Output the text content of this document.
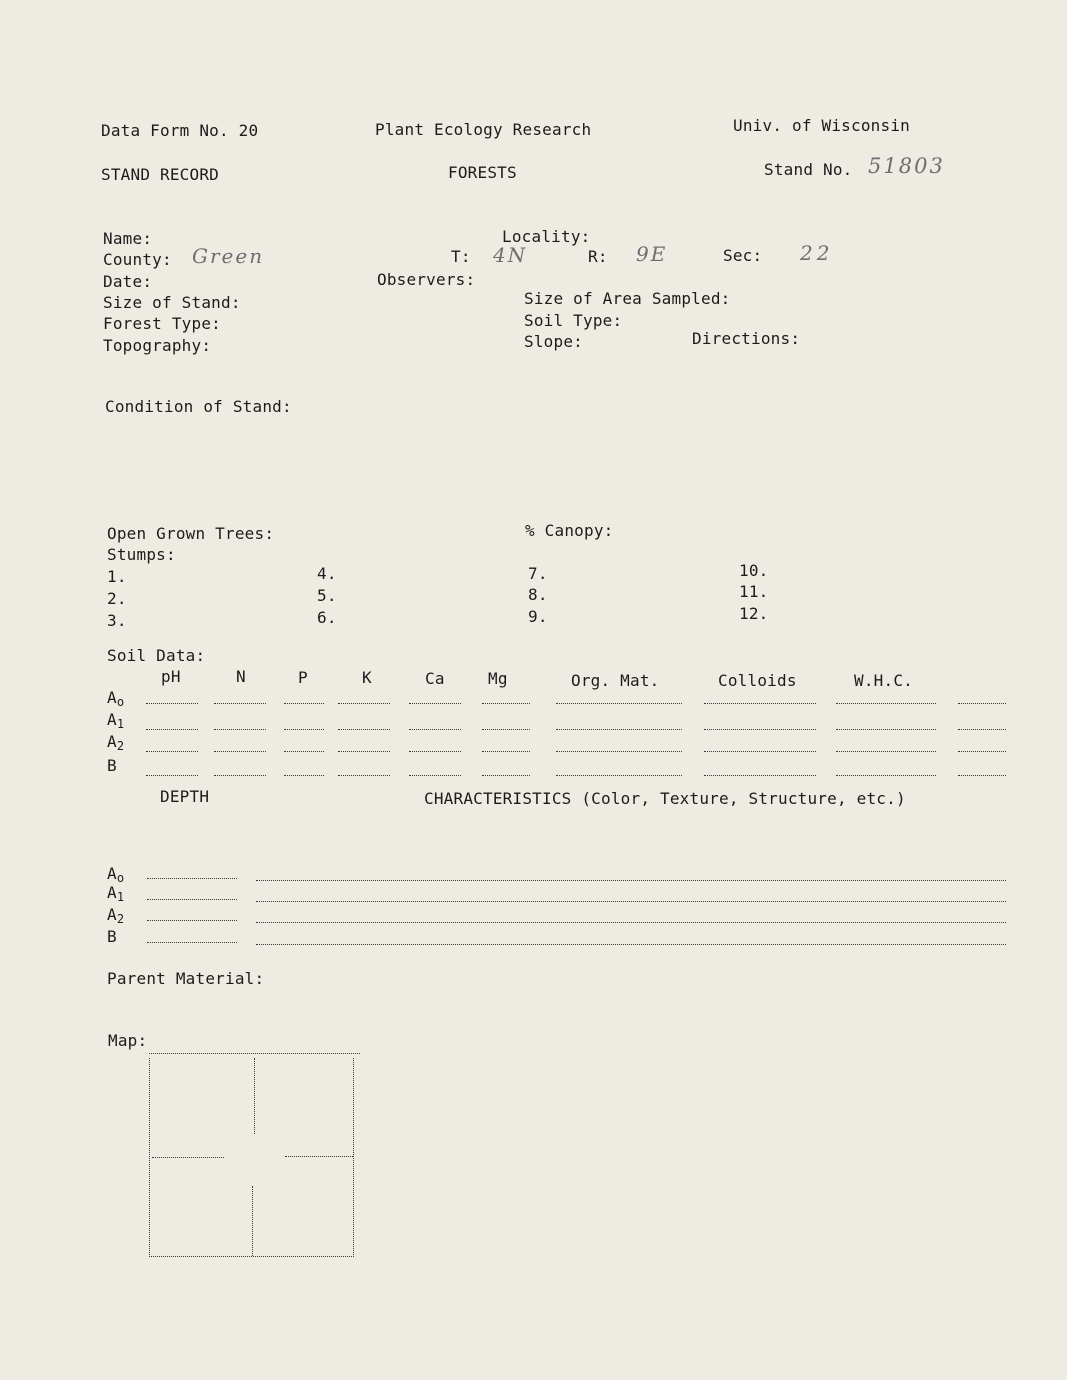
Data Form No. 20	Plant Ecology Research	Univ. of Wisconsin
STAND RECORD	FORESTS	Stand No. 51803
Name:	Locality:
County: Green	T: 4N	R: 9E	Sec: 22
Date:	Observers:
Size of Stand:	Size of Area Sampled:
Forest Type:	Soil Type:
Topography:	Slope:	Directions:
Condition of Stand:
Open Grown Trees:	% Canopy:
Stumps:
1.
2.
3.
4.
5.
6.
7.
8.
9.
10.
11.
12.
Soil Data:
pH	N	P	K	Ca	Mg	Org. Mat.	Colloids	W.H.C.
Ao
A1
A2
B
DEPTH	CHARACTERISTICS (Color, Texture, Structure, etc.)
Ao
A1
A2
B
Parent Material:
Map:
